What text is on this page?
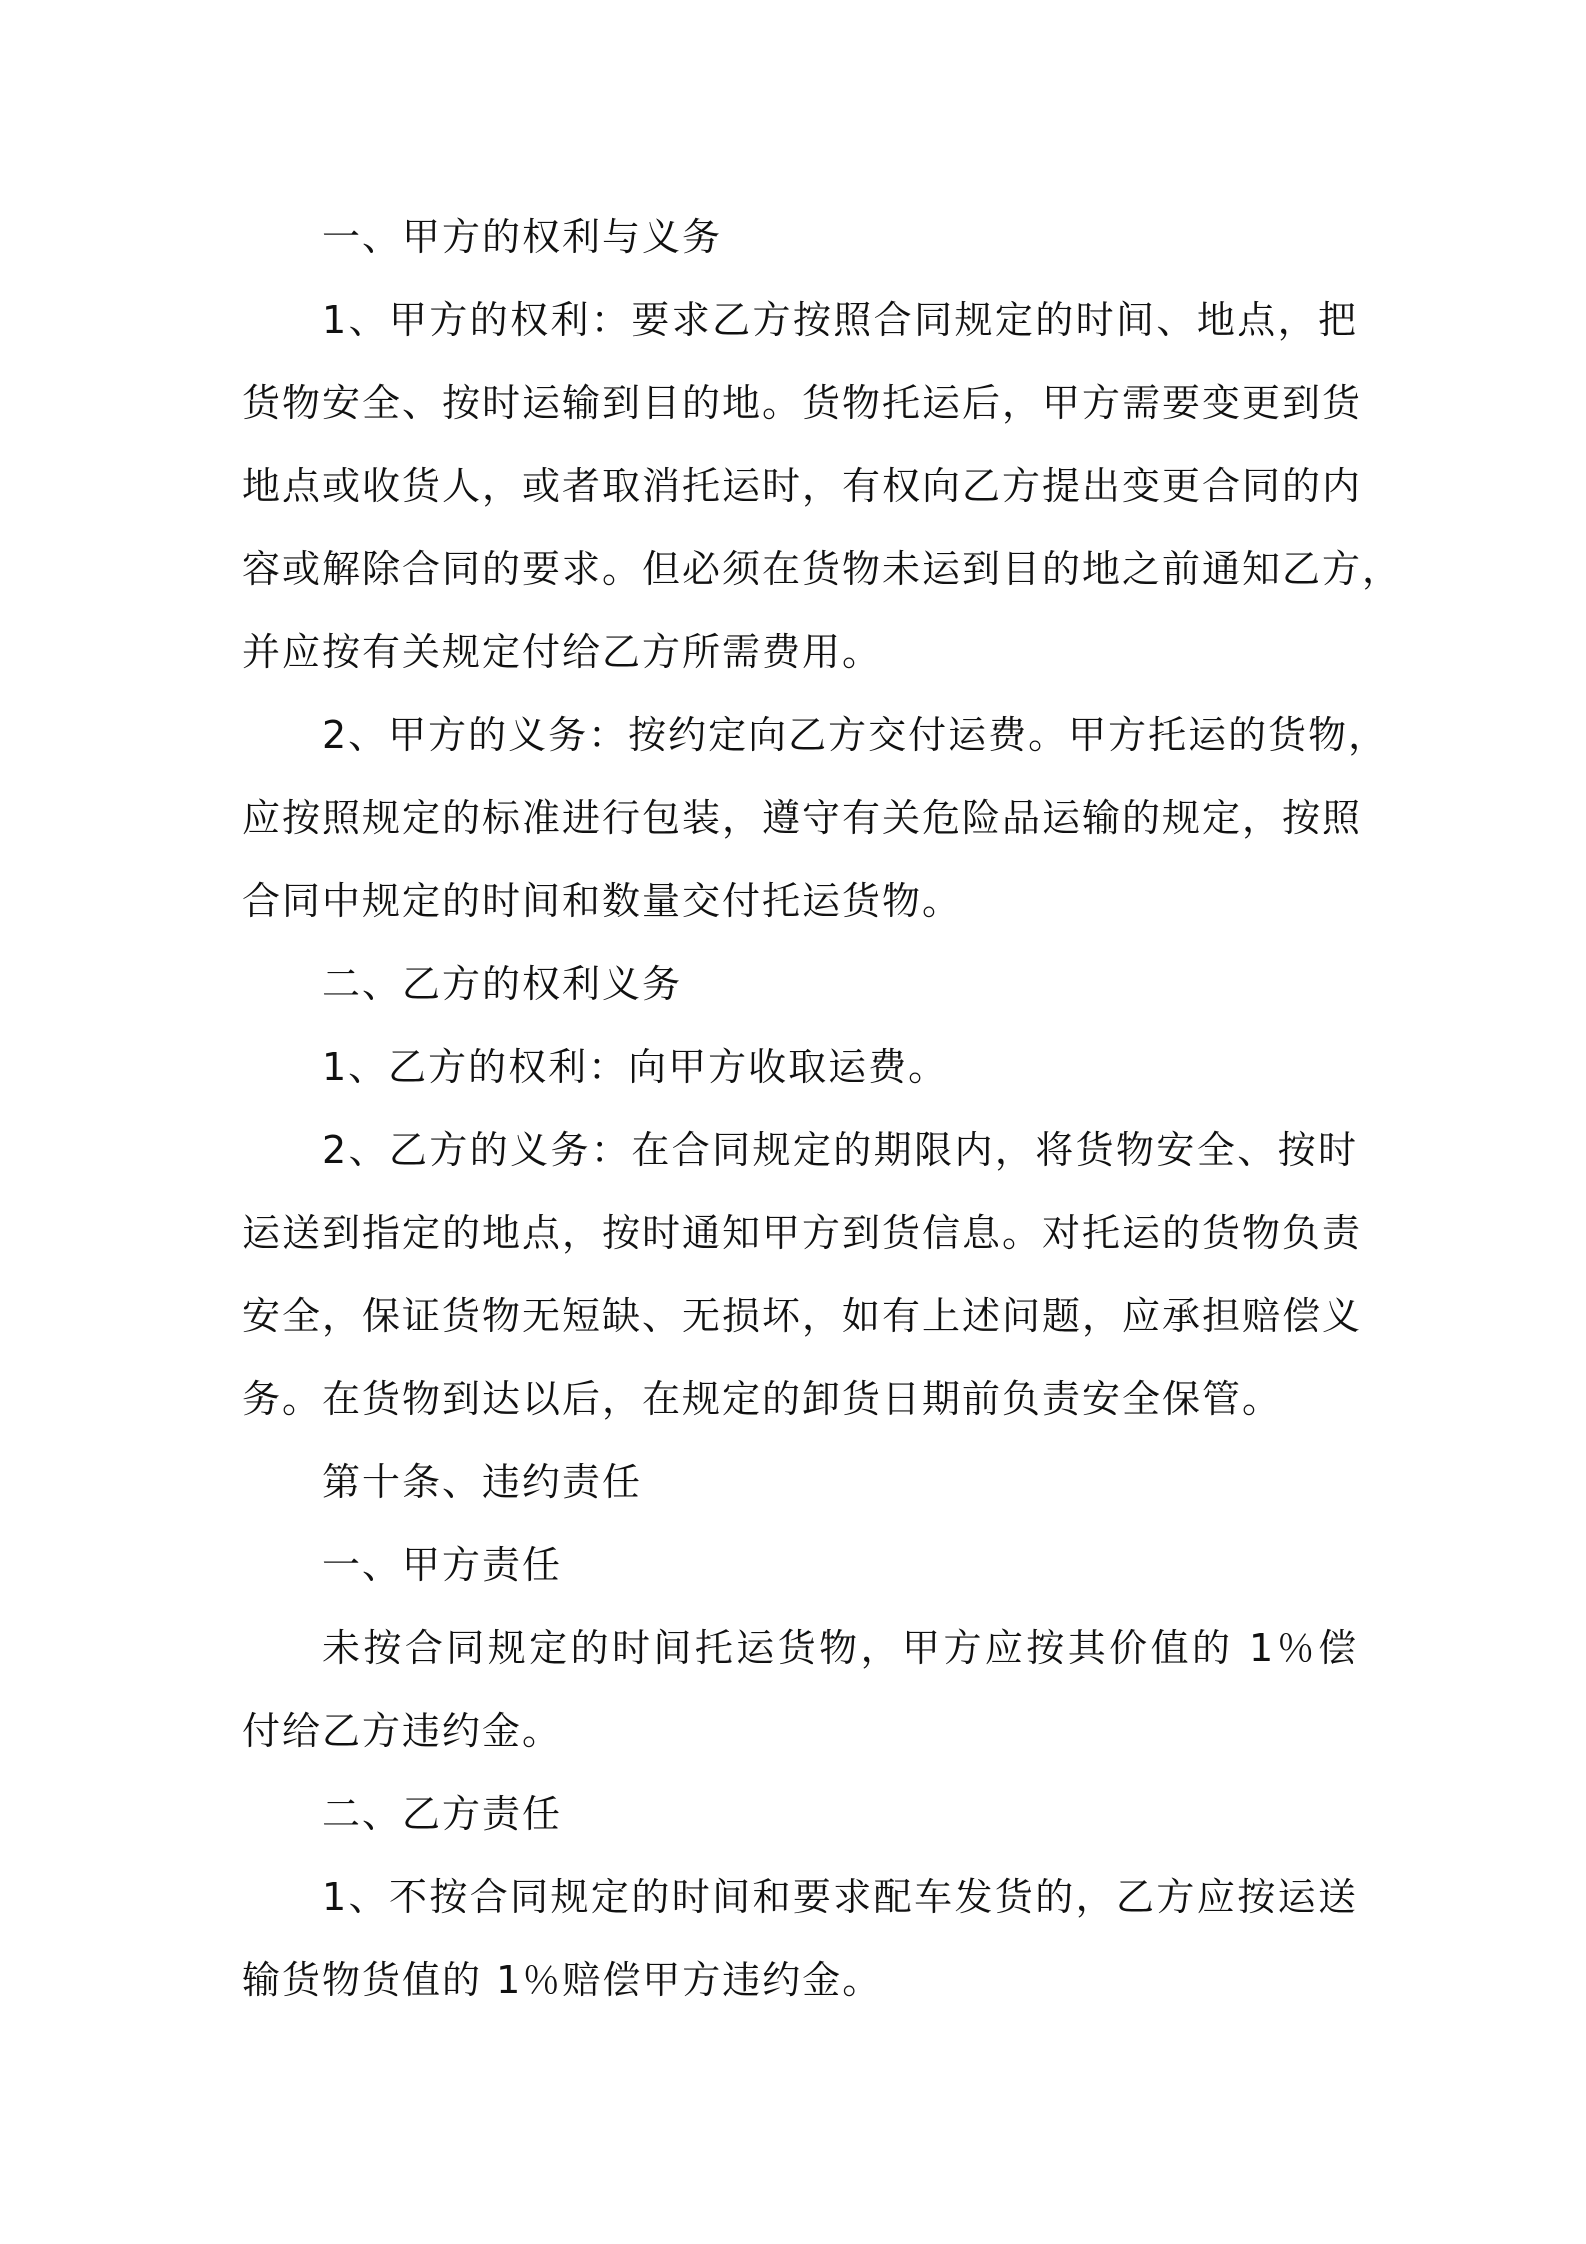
一、甲方的权利与义务
1、甲方的权利：要求乙方按照合同规定的时间、地点，把
货物安全、按时运输到目的地。货物托运后，甲方需要变更到货
地点或收货人，或者取消托运时，有权向乙方提出变更合同的内
容或解除合同的要求。但必须在货物未运到目的地之前通知乙方，
并应按有关规定付给乙方所需费用。
2、甲方的义务：按约定向乙方交付运费。甲方托运的货物，
应按照规定的标准进行包装，遵守有关危险品运输的规定，按照
合同中规定的时间和数量交付托运货物。
二、乙方的权利义务
1、乙方的权利：向甲方收取运费。
2、乙方的义务：在合同规定的期限内，将货物安全、按时
运送到指定的地点，按时通知甲方到货信息。对托运的货物负责
安全，保证货物无短缺、无损坏，如有上述问题，应承担赔偿义
务。在货物到达以后，在规定的卸货日期前负责安全保管。
第十条、违约责任
一、甲方责任
未按合同规定的时间托运货物，甲方应按其价值的 1％偿
付给乙方违约金。
二、乙方责任
1、不按合同规定的时间和要求配车发货的，乙方应按运送
输货物货值的 1％赔偿甲方违约金。
